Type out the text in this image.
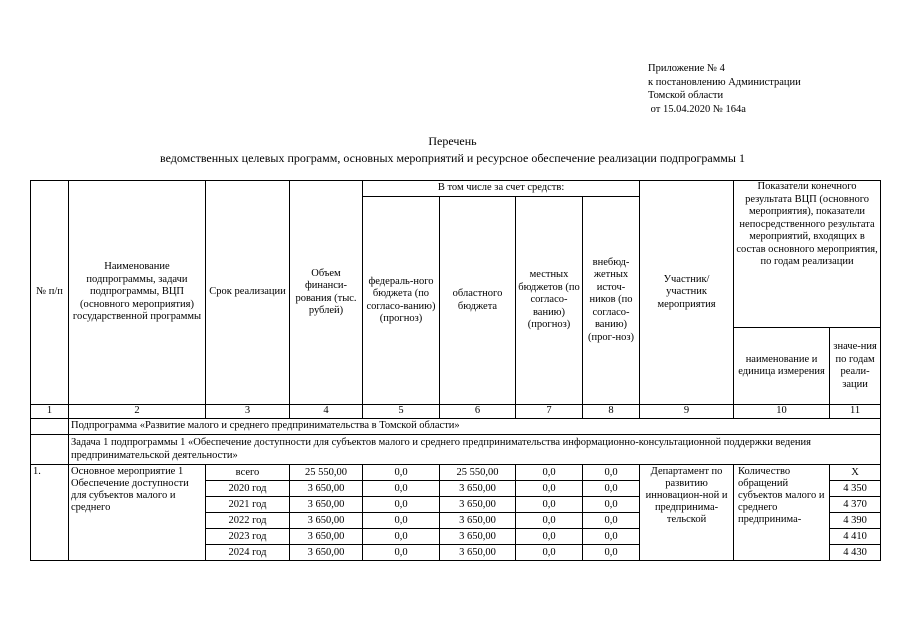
Приложение № 4
к постановлению Администрации
Томской области
от 15.04.2020 № 164а
Перечень
ведомственных целевых программ, основных мероприятий и ресурсное обеспечение реализации подпрограммы 1
№ п/п	Наименование подпрограммы, задачи подпрограммы, ВЦП (основного мероприятия) государственной программы	Срок реализации	Объем финанси-рования (тыс. рублей)	В том числе за счет средств:				Участник/ участник мероприятия	Показатели конечного результата ВЦП (основного мероприятия), показатели непосредственного результата мероприятий, входящих в состав основного мероприятия, по годам реализации	
				федераль-ного бюджета (по согласо-ванию) (прогноз)	областного бюджета	местных бюджетов (по согласо-ванию) (прогноз)	внебюд-жетных источ-ников (по согласо-ванию) (прог-ноз)			
									наименование и единица измерения	значе-ния по годам реали-зации
1	2	3	4	5	6	7	8	9	10	11
	Подпрограмма «Развитие малого и среднего предпринимательства в Томской области»									
	Задача 1 подпрограммы 1 «Обеспечение доступности для субъектов малого и среднего предпринимательства информационно-консультационной поддержки ведения предпринимательской деятельности»									
1.	Основное мероприятие 1 Обеспечение доступности для субъектов малого и среднего	всего	25 550,00	0,0	25 550,00	0,0	0,0	Департамент по развитию инновацион-ной и предпринима-тельской	Количество обращений субъектов малого и среднего предпринима-	X
		2020 год	3 650,00	0,0	3 650,00	0,0	0,0			4 350
		2021 год	3 650,00	0,0	3 650,00	0,0	0,0			4 370
		2022 год	3 650,00	0,0	3 650,00	0,0	0,0			4 390
		2023 год	3 650,00	0,0	3 650,00	0,0	0,0			4 410
		2024 год	3 650,00	0,0	3 650,00	0,0	0,0			4 430
